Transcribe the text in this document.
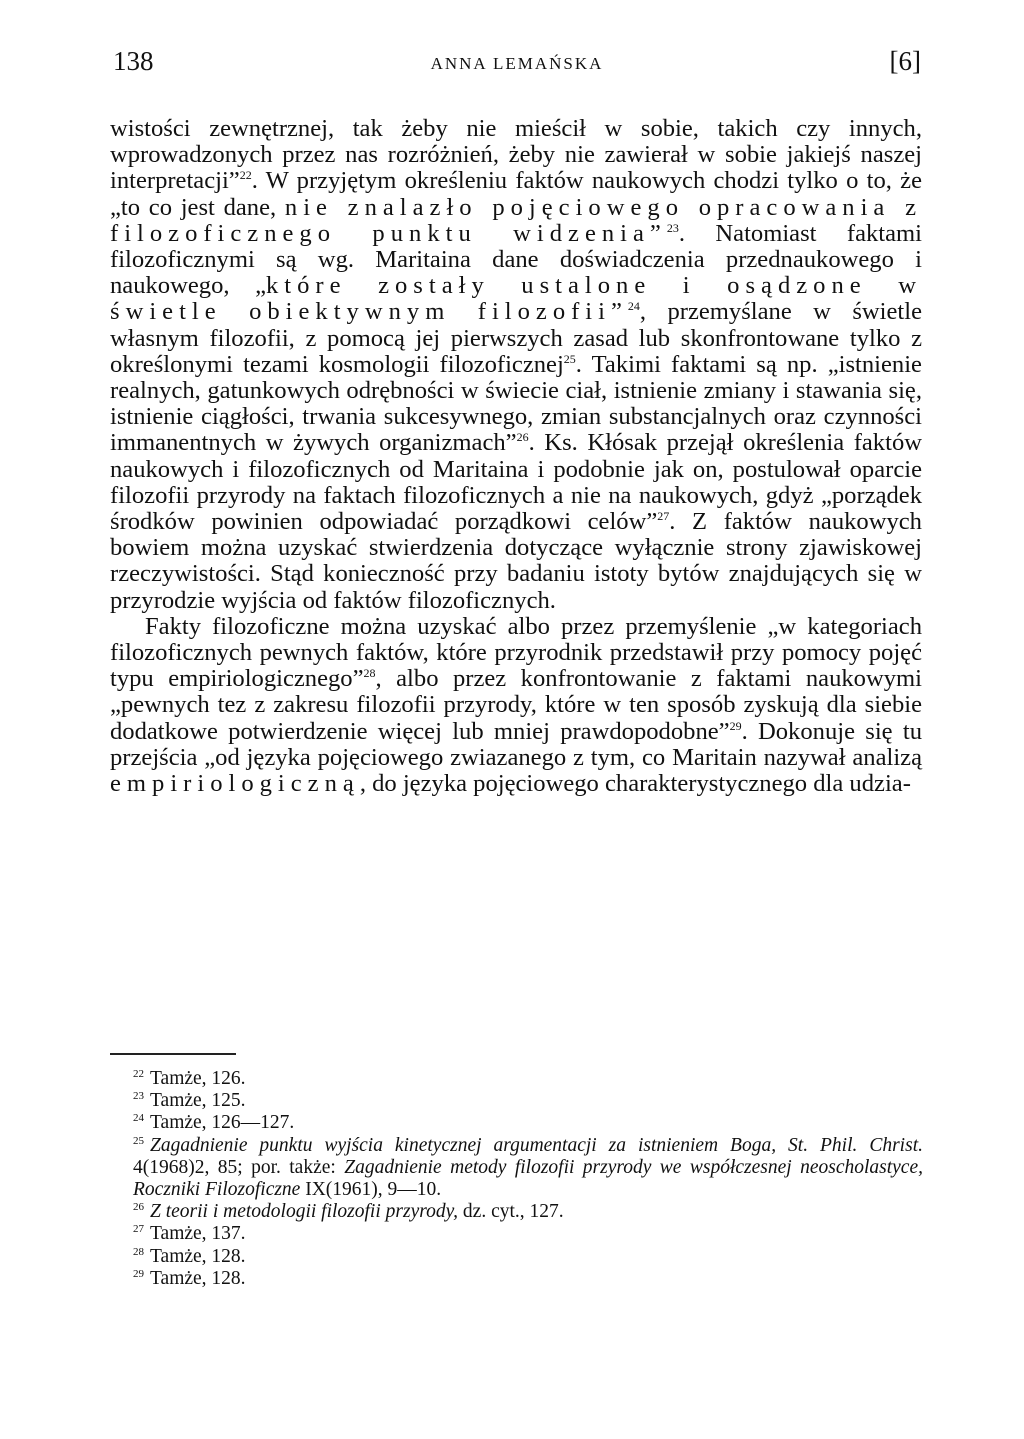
138	ANNA LEMAŃSKA	[6]

wistości zewnętrznej, tak żeby nie mieścił w sobie, takich czy innych, wprowadzonych przez nas rozróżnień, żeby nie zawierał w sobie jakiejś naszej interpretacji”$^{22}$. W przyjętym określeniu faktów naukowych chodzi tylko o to, że „to co jest dane, nie znalazło pojęciowego opracowania z filozoficznego punktu widzenia”$^{23}$. Natomiast faktami filozoficznymi są wg. Maritaina dane doświadczenia przednaukowego i naukowego, „które zostały ustalone i osądzone w świetle obiektywnym filozofii”$^{24}$, przemyślane w świetle własnym filozofii, z pomocą jej pierwszych zasad lub skonfrontowane tylko z określonymi tezami kosmologii filozoficznej$^{25}$. Takimi faktami są np. „istnienie realnych, gatunkowych odrębności w świecie ciał, istnienie zmiany i stawania się, istnienie ciągłości, trwania sukcesywnego, zmian substancjalnych oraz czynności immanentnych w żywych organizmach”$^{26}$. Ks. Kłósak przejął określenia faktów naukowych i filozoficznych od Maritaina i podobnie jak on, postulował oparcie filozofii przyrody na faktach filozoficznych a nie na naukowych, gdyż „porządek środków powinien odpowiadać porządkowi celów”$^{27}$. Z faktów naukowych bowiem można uzyskać stwierdzenia dotyczące wyłącznie strony zjawiskowej rzeczywistości. Stąd konieczność przy badaniu istoty bytów znajdujących się w przyrodzie wyjścia od faktów filozoficznych.

Fakty filozoficzne można uzyskać albo przez przemyślenie „w kategoriach filozoficznych pewnych faktów, które przyrodnik przedstawił przy pomocy pojęć typu empiriologicznego”$^{28}$, albo przez konfrontowanie z faktami naukowymi „pewnych tez z zakresu filozofii przyrody, które w ten sposób zyskują dla siebie dodatkowe potwierdzenie więcej lub mniej prawdopodobne”$^{29}$. Dokonuje się tu przejścia „od języka pojęciowego zwiazanego z tym, co Maritain nazywał analizą empiriologiczną, do języka pojęciowego charakterystycznego dla udzia-

$^{22}$ Tamże, 126.

$^{23}$ Tamże, 125.

$^{24}$ Tamże, 126—127.

$^{25}$ Zagadnienie punktu wyjścia kinetycznej argumentacji za istnieniem Boga, St. Phil. Christ. 4(1968)2, 85; por. także: Zagadnienie metody filozofii przyrody we współczesnej neoscholastyce, Roczniki Filozoficzne IX(1961), 9—10.

$^{26}$ Z teorii i metodologii filozofii przyrody, dz. cyt., 127.

$^{27}$ Tamże, 137.

$^{28}$ Tamże, 128.

$^{29}$ Tamże, 128.
